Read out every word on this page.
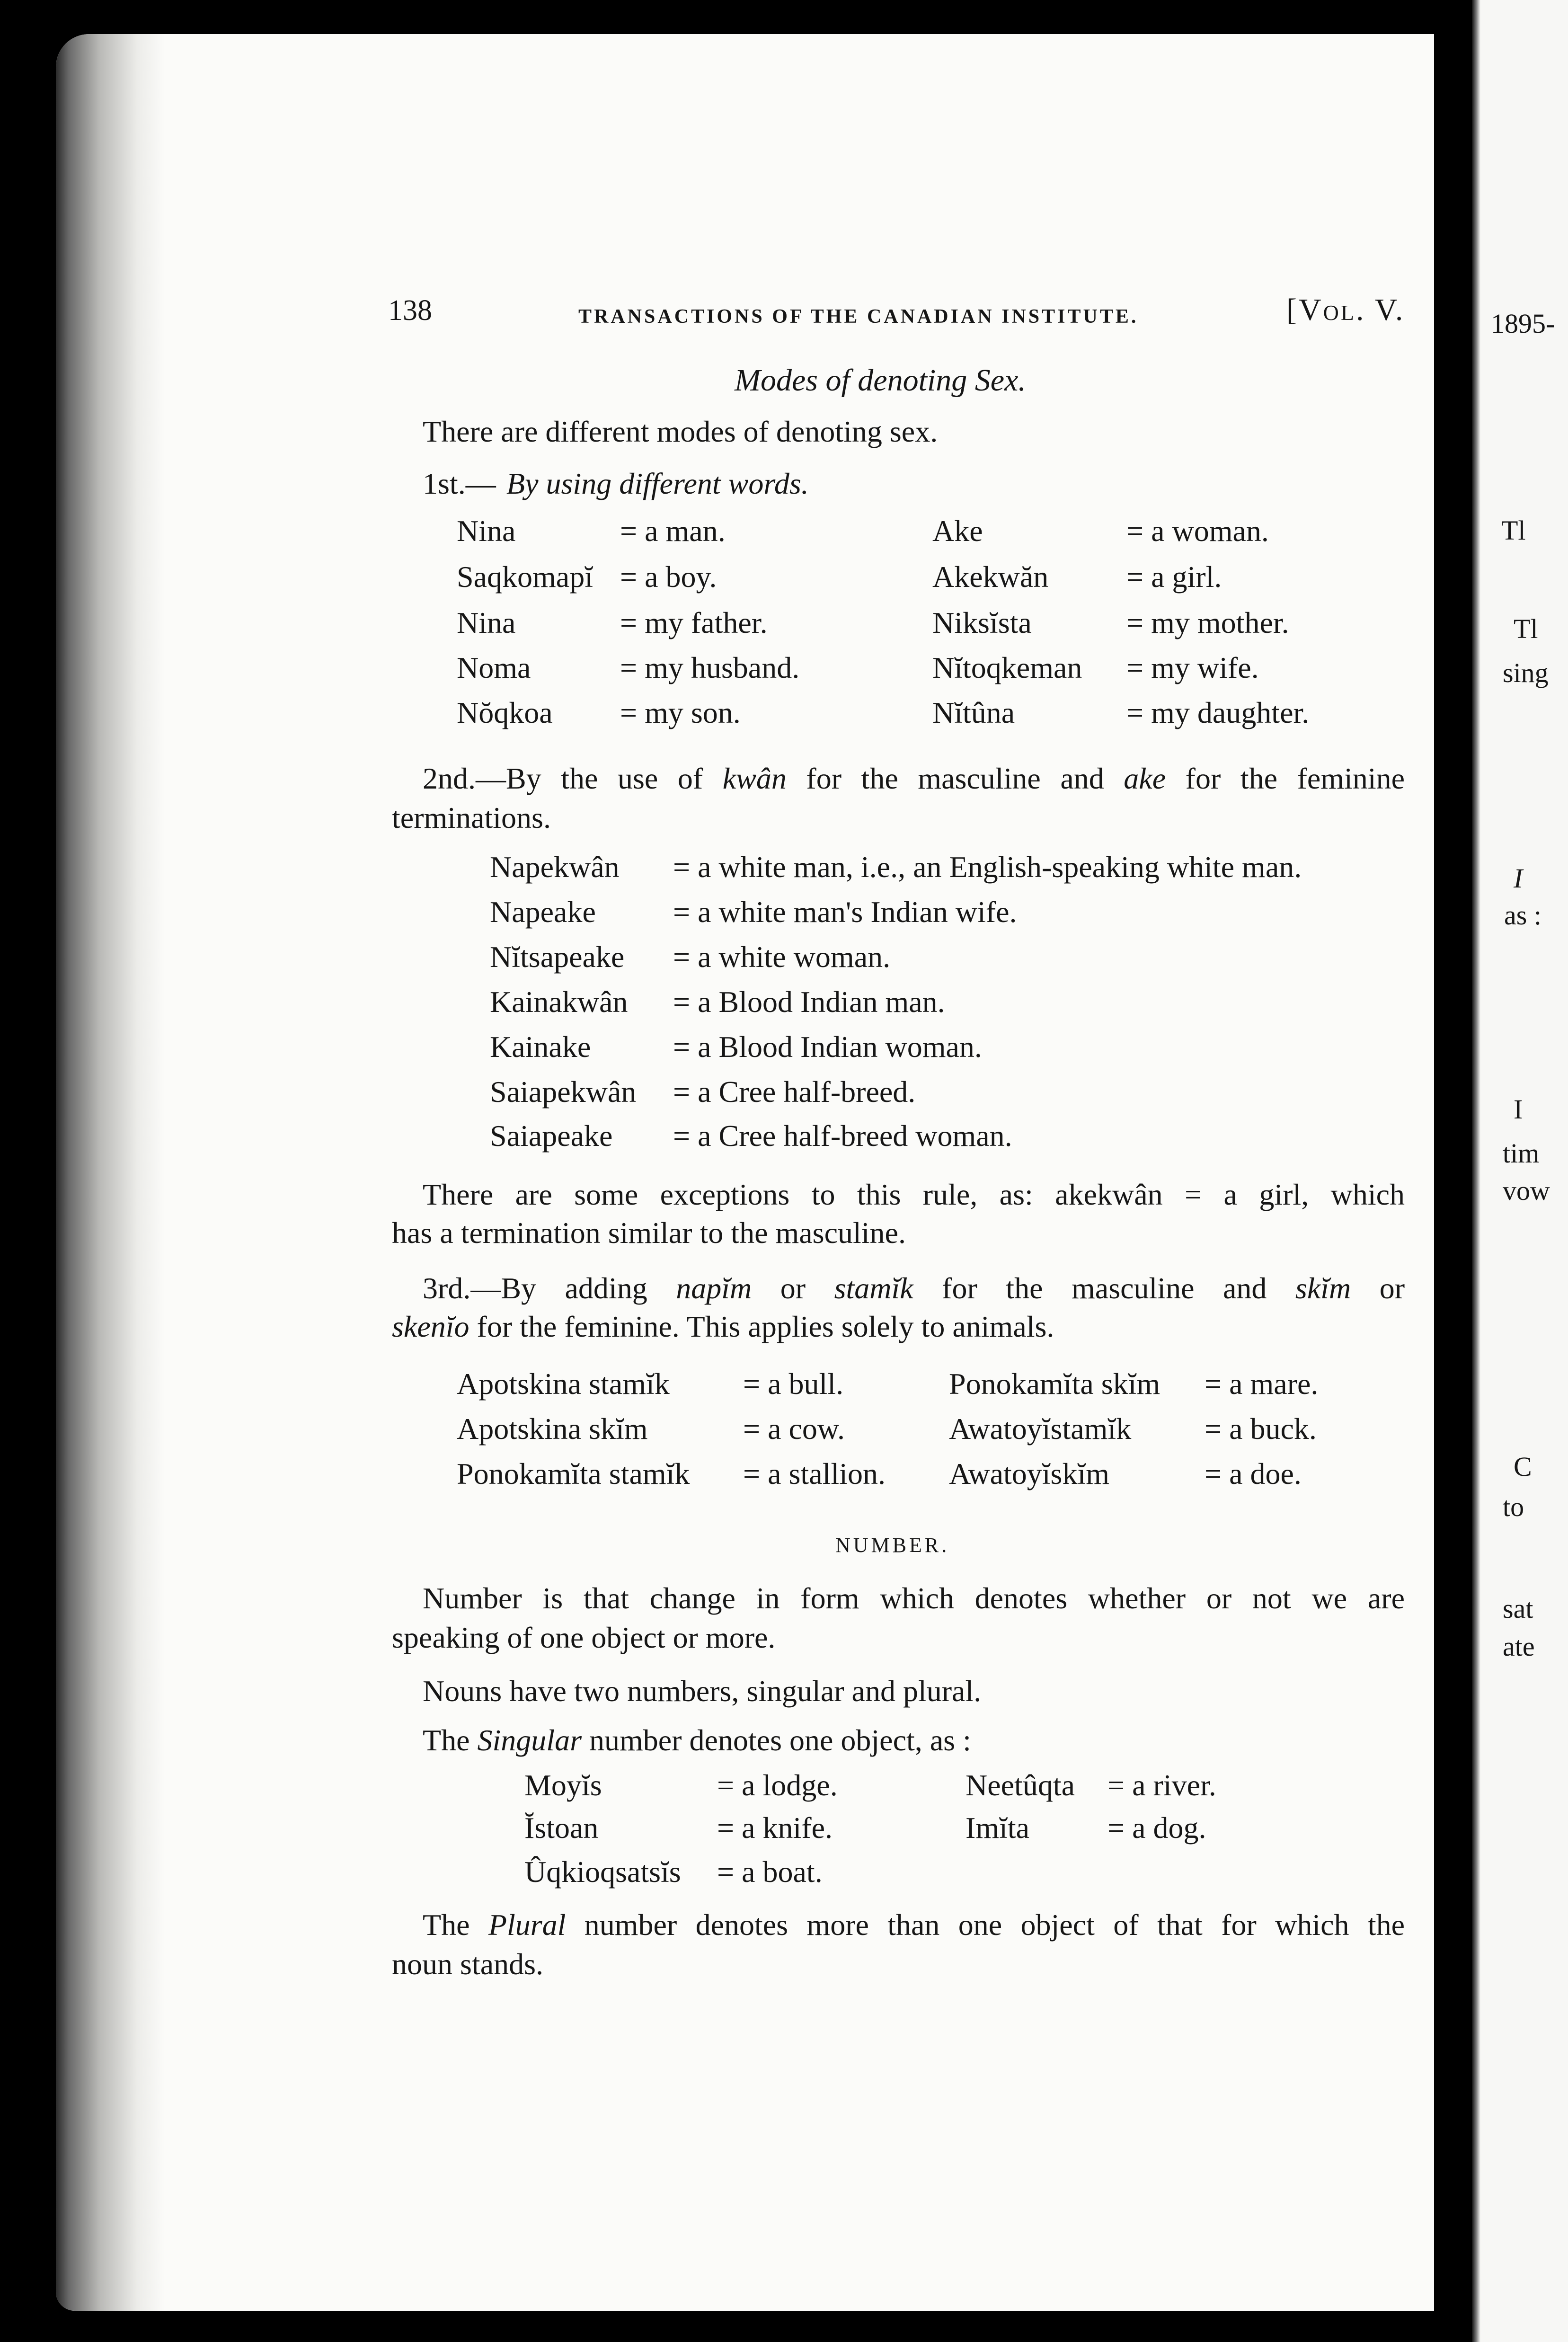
1895-
Tl
Tl
sing
I
as :
I
tim
vow
C
to
sat
ate
138	TRANSACTIONS OF THE CANADIAN INSTITUTE.	[Vol. V.
Modes of denoting Sex.
There are different modes of denoting sex.
1st.— By using different words.
Nina	= a man.	Ake	= a woman.
Saqkomapĭ = a boy.	Akekwăn	= a girl.
Nina	= my father.	Niksĭsta	= my mother.
Noma	= my husband.	Nĭtoqkeman = my wife.
Nŏqkoa = my son.	Nĭtûna	= my daughter.
2nd.—By the use of kwân for the masculine and ake for the feminine
terminations.
Napekwân = a white man, i.e., an English-speaking white man.
Napeake	= a white man's Indian wife.
Nĭtsapeake = a white woman.
Kainakwân = a Blood Indian man.
Kainake	= a Blood Indian woman.
Saiapekwân = a Cree half-breed.
Saiapeake = a Cree half-breed woman.
There are some exceptions to this rule, as: akekwân = a girl, which
has a termination similar to the masculine.
3rd.—By adding napĭm or stamĭk for the masculine and skĭm or
skenĭo for the feminine. This applies solely to animals.
Apotskina stamĭk = a bull.	Ponokamĭta skĭm = a mare.
Apotskina skĭm	= a cow.	Awatoyĭstamĭk = a buck.
Ponokamĭta stamĭk = a stallion. Awatoyĭskĭm	= a doe.
NUMBER.
Number is that change in form which denotes whether or not we are
speaking of one object or more.
Nouns have two numbers, singular and plural.
The Singular number denotes one object, as :
Moyĭs	= a lodge.	Neetûqta = a river.
Ĭstoan	= a knife.	Imĭta	= a dog.
Ûqkioqsatsĭs = a boat.
The Plural number denotes more than one object of that for which the
noun stands.
